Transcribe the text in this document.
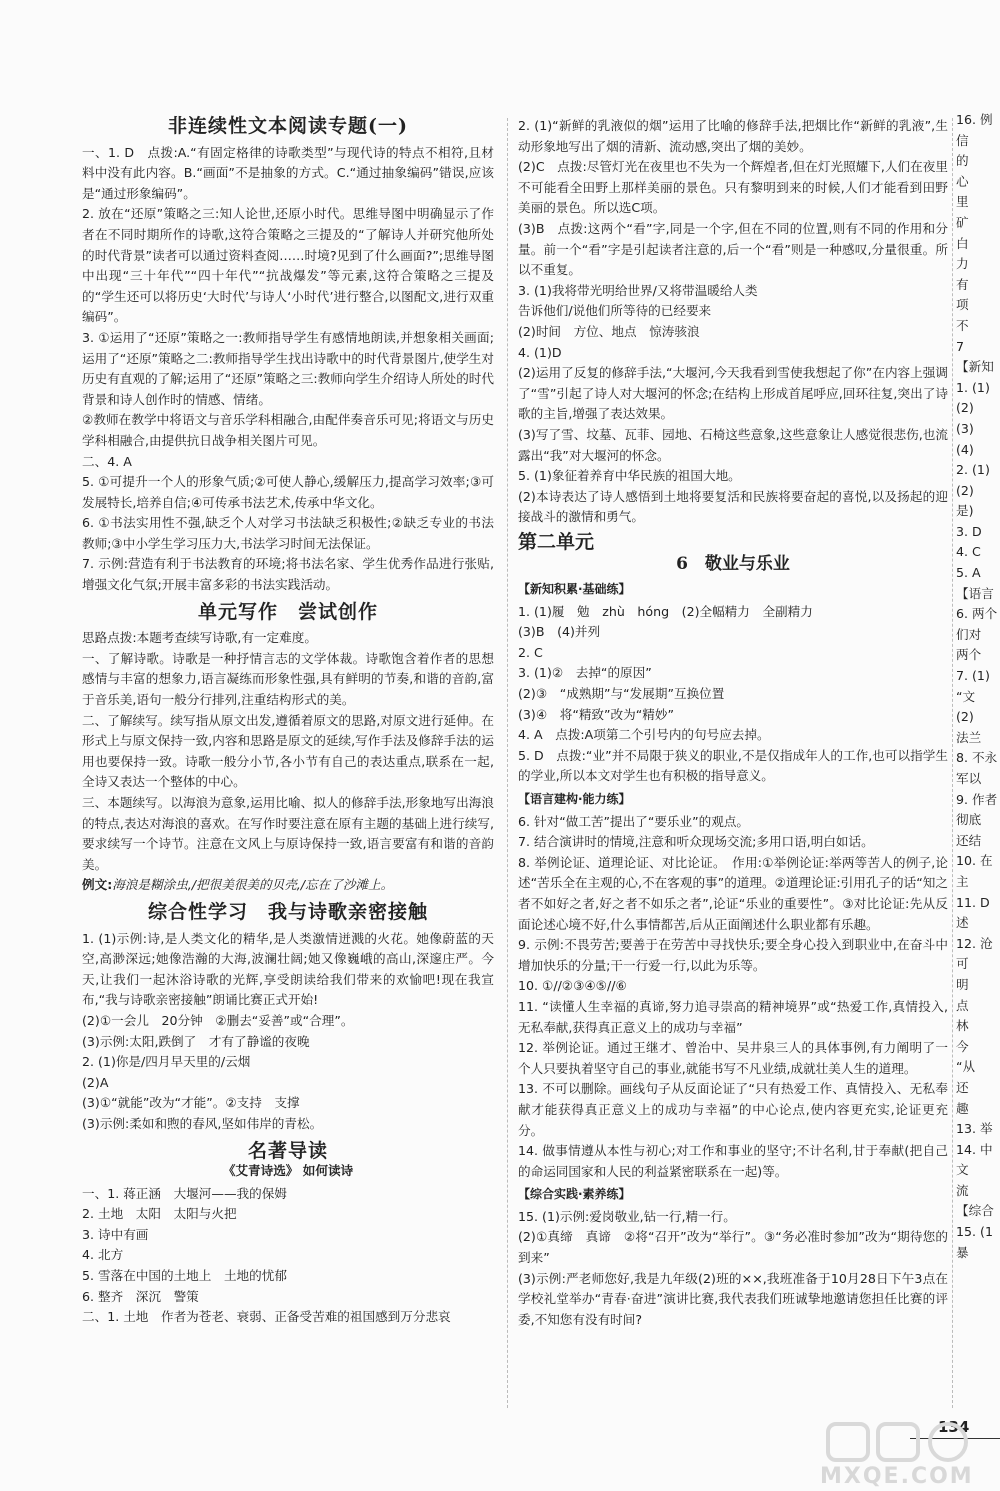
非连续性文本阅读专题(一)

一、1. D　点拨:A.“有固定格律的诗歌类型”与现代诗的特点不相符,且材料中没有此内容。B.“画面”不是抽象的方式。C.“通过抽象编码”错误,应该是“通过形象编码”。

2. 放在“还原”策略之三:知人论世,还原小时代。思维导图中明确显示了作者在不同时期所作的诗歌,这符合策略之三提及的“了解诗人并研究他所处的时代背景”读者可以通过资料查阅……时境?见到了什么画面?”;思维导图中出现“三十年代”“四十年代”“抗战爆发”等元素,这符合策略之三提及的“学生还可以将历史‘大时代’与诗人‘小时代’进行整合,以图配文,进行双重编码”。

3. ①运用了“还原”策略之一:教师指导学生有感情地朗读,并想象相关画面;运用了“还原”策略之二:教师指导学生找出诗歌中的时代背景图片,使学生对历史有直观的了解;运用了“还原”策略之三:教师向学生介绍诗人所处的时代背景和诗人创作时的情感、情绪。

②教师在教学中将语文与音乐学科相融合,由配伴奏音乐可见;将语文与历史学科相融合,由提供抗日战争相关图片可见。

二、4. A

5. ①可提升一个人的形象气质;②可使人静心,缓解压力,提高学习效率;③可发展特长,培养自信;④可传承书法艺术,传承中华文化。

6. ①书法实用性不强,缺乏个人对学习书法缺乏积极性;②缺乏专业的书法教师;③中小学生学习压力大,书法学习时间无法保证。

7. 示例:营造有利于书法教育的环境;将书法名家、学生优秀作品进行张贴,增强文化气氛;开展丰富多彩的书法实践活动。

单元写作　尝试创作

思路点拨:本题考查续写诗歌,有一定难度。

一、了解诗歌。诗歌是一种抒情言志的文学体裁。诗歌饱含着作者的思想感情与丰富的想象力,语言凝练而形象性强,具有鲜明的节奏,和谐的音韵,富于音乐美,语句一般分行排列,注重结构形式的美。

二、了解续写。续写指从原文出发,遵循着原文的思路,对原文进行延伸。在形式上与原文保持一致,内容和思路是原文的延续,写作手法及修辞手法的运用也要保持一致。诗歌一般分小节,各小节有自己的表达重点,联系在一起,全诗又表达一个整体的中心。

三、本题续写。以海浪为意象,运用比喻、拟人的修辞手法,形象地写出海浪的特点,表达对海浪的喜欢。在写作时要注意在原有主题的基础上进行续写,要求续写一个诗节。注意在文风上与原诗保持一致,语言要富有和谐的音韵美。

例文:海浪是糊涂虫,/把很美很美的贝壳,/忘在了沙滩上。

综合性学习　我与诗歌亲密接触

1. (1)示例:诗,是人类文化的精华,是人类激情迸溅的火花。她像蔚蓝的天空,高渺深远;她像浩瀚的大海,波澜壮阔;她又像巍峨的高山,深邃庄严。今天,让我们一起沐浴诗歌的光辉,享受朗读给我们带来的欢愉吧!现在我宣布,“我与诗歌亲密接触”朗诵比赛正式开始!

(2)①一会儿　20分钟　②删去“妥善”或“合理”。

(3)示例:太阳,跌倒了　才有了静谧的夜晚

2. (1)你是/四月早天里的/云烟

(2)A

(3)①“就能”改为“才能”。②支持　支撑

(3)示例:柔如和煦的春风,坚如伟岸的青松。

名著导读
《艾青诗选》 如何读诗

一、1. 蒋正涵　大堰河——我的保姆

2. 土地　太阳　太阳与火把

3. 诗中有画

4. 北方

5. 雪落在中国的土地上　土地的忧郁

6. 整齐　深沉　警策

二、1. 土地　作者为苍老、衰弱、正备受苦难的祖国感到万分悲哀

2. (1)“新鲜的乳液似的烟”运用了比喻的修辞手法,把烟比作“新鲜的乳液”,生动形象地写出了烟的清新、流动感,突出了烟的美妙。

(2)C　点拨:尽管灯光在夜里也不失为一个辉煌者,但在灯光照耀下,人们在夜里不可能看全田野上那样美丽的景色。只有黎明到来的时候,人们才能看到田野美丽的景色。所以选C项。

(3)B　点拨:这两个“看”字,同是一个字,但在不同的位置,则有不同的作用和分量。前一个“看”字是引起读者注意的,后一个“看”则是一种感叹,分量很重。所以不重复。

3. (1)我将带光明给世界/又将带温暖给人类

告诉他们/说他们所等待的已经要来

(2)时间　方位、地点　惊涛骇浪

4. (1)D

(2)运用了反复的修辞手法,“大堰河,今天我看到雪使我想起了你”在内容上强调了“雪”引起了诗人对大堰河的怀念;在结构上形成首尾呼应,回环往复,突出了诗歌的主旨,增强了表达效果。

(3)写了雪、坟墓、瓦菲、园地、石椅这些意象,这些意象让人感觉很悲伤,也流露出“我”对大堰河的怀念。

5. (1)象征着养育中华民族的祖国大地。

(2)本诗表达了诗人感悟到土地将要复活和民族将要奋起的喜悦,以及扬起的迎接战斗的激情和勇气。

第二单元
6　敬业与乐业
【新知积累·基础练】

1. (1)履　勉　zhù　hóng　(2)全幅精力　全副精力

(3)B　(4)并列

2. C

3. (1)②　去掉“的原因”

(2)③　“成熟期”与“发展期”互换位置

(3)④　将“精致”改为“精妙”

4. A　点拨:A项第二个引号内的句号应去掉。

5. D　点拨:“业”并不局限于狭义的职业,不是仅指成年人的工作,也可以指学生的学业,所以本文对学生也有积极的指导意义。

【语言建构·能力练】

6. 针对“做工苦”提出了“要乐业”的观点。

7. 结合演讲时的情境,注意和听众现场交流;多用口语,明白如话。

8. 举例论证、道理论证、对比论证。　作用:①举例论证:举两等苦人的例子,论述“苦乐全在主观的心,不在客观的事”的道理。②道理论证:引用孔子的话“知之者不如好之者,好之者不如乐之者”,论证“乐业的重要性”。③对比论证:先从反面论述心境不好,什么事情都苦,后从正面阐述什么职业都有乐趣。

9. 示例:不畏劳苦;要善于在劳苦中寻找快乐;要全身心投入到职业中,在奋斗中增加快乐的分量;干一行爱一行,以此为乐等。

10. ①//②③④⑤//⑥

11. “读懂人生幸福的真谛,努力追寻崇高的精神境界”或“热爱工作,真情投入,无私奉献,获得真正意义上的成功与幸福”

12. 举例论证。通过王继才、曾治中、吴井泉三人的具体事例,有力阐明了一个人只要执着坚守自己的事业,就能书写不凡业绩,成就壮美人生的道理。

13. 不可以删除。画线句子从反面论证了“只有热爱工作、真情投入、无私奉献才能获得真正意义上的成功与幸福”的中心论点,使内容更充实,论证更充分。

14. 做事情遵从本性与初心;对工作和事业的坚守;不计名利,甘于奉献(把自己的命运同国家和人民的利益紧密联系在一起)等。

【综合实践·素养练】

15. (1)示例:爱岗敬业,钻一行,精一行。

(2)①真缔　真谛　②将“召开”改为“举行”。③“务必准时参加”改为“期待您的到来”

(3)示例:严老师您好,我是九年级(2)班的××,我班准备于10月28日下午3点在学校礼堂举办“青春·奋进”演讲比赛,我代表我们班诚挚地邀请您担任比赛的评委,不知您有没有时间?

16. 例
信
的
心
里
矿
白
力
有
项
不
7
【新知
1. (1)
(2)
(3)
(4)
2. (1)
(2)
是)
3. D
4. C
5. A
【语言
6. 两个
们对
两个
7. (1)
“文
(2)
法兰
8. 不永
军以
9. 作者
彻底
还结
10. 在
主
11. D
述
12. 沧
可
明
点
林
今
“从
还
趣
13. 举
14. 中
文
流
【综合
15. (1
暴
134
MXQE.COM
